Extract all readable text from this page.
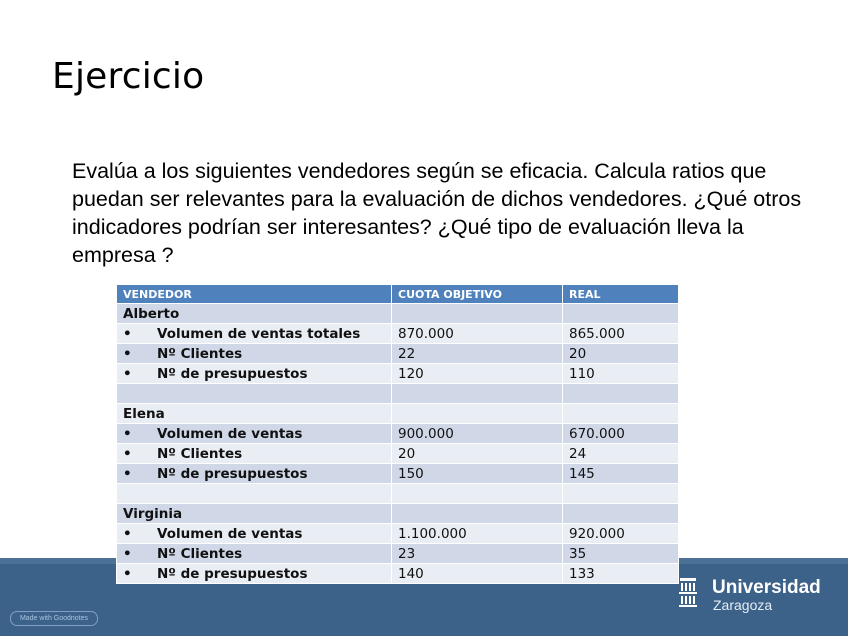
Ejercicio
Evalúa a los siguientes vendedores según se eficacia. Calcula ratios que puedan ser relevantes para la evaluación de dichos vendedores. ¿Qué otros indicadores podrían ser interesantes? ¿Qué tipo de evaluación lleva la empresa ?
Made with Goodnotes
Universidad
Zaragoza
VENDEDOR	CUOTA OBJETIVO	REAL
Alberto		
• Volumen de ventas totales	870.000	865.000
• Nº Clientes	22	20
• Nº de presupuestos	120	110

Elena		
• Volumen de ventas	900.000	670.000
• Nº Clientes	20	24
• Nº de presupuestos	150	145

Virginia		
• Volumen de ventas	1.100.000	920.000
• Nº Clientes	23	35
• Nº de presupuestos	140	133
